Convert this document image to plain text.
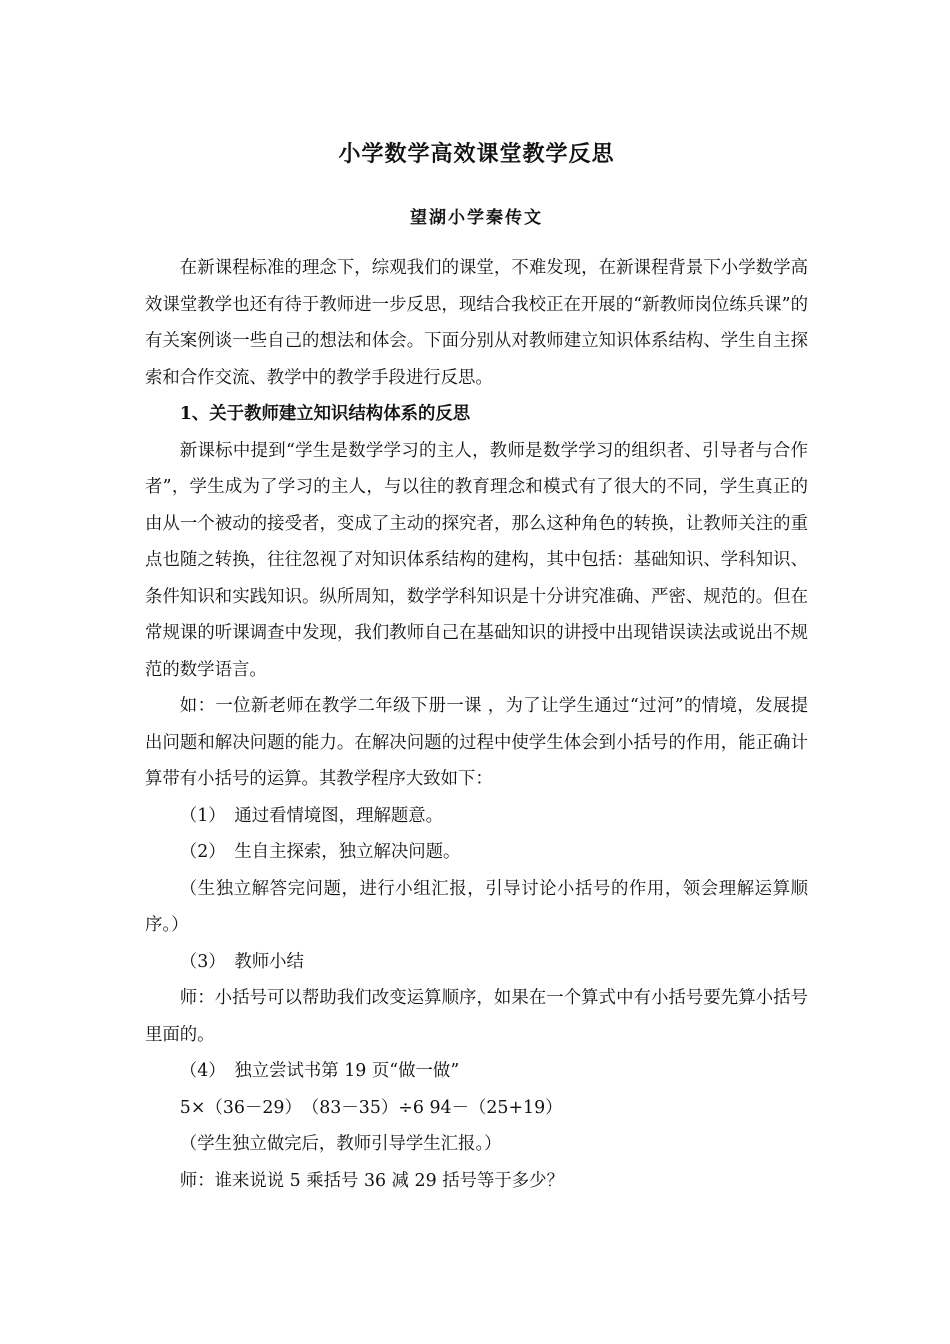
小学数学高效课堂教学反思
望湖小学秦传文

在新课程标准的理念下，综观我们的课堂，不难发现，在新课程背景下小学数学高效课堂教学也还有待于教师进一步反思，现结合我校正在开展的“新教师岗位练兵课”的有关案例谈一些自己的想法和体会。下面分别从对教师建立知识体系结构、学生自主探索和合作交流、教学中的教学手段进行反思。

1、关于教师建立知识结构体系的反思

新课标中提到“学生是数学学习的主人，教师是数学学习的组织者、引导者与合作者”，学生成为了学习的主人，与以往的教育理念和模式有了很大的不同，学生真正的由从一个被动的接受者，变成了主动的探究者，那么这种角色的转换，让教师关注的重点也随之转换，往往忽视了对知识体系结构的建构，其中包括：基础知识、学科知识、条件知识和实践知识。纵所周知，数学学科知识是十分讲究准确、严密、规范的。但在常规课的听课调查中发现，我们教师自己在基础知识的讲授中出现错误读法或说出不规范的数学语言。

如：一位新老师在教学二年级下册一课 ，为了让学生通过“过河”的情境，发展提出问题和解决问题的能力。在解决问题的过程中使学生体会到小括号的作用，能正确计算带有小括号的运算。其教学程序大致如下：

（1）　通过看情境图，理解题意。

（2）　生自主探索，独立解决问题。

（生独立解答完问题，进行小组汇报，引导讨论小括号的作用，领会理解运算顺序。）

（3）　教师小结

师：小括号可以帮助我们改变运算顺序，如果在一个算式中有小括号要先算小括号里面的。

（4）　独立尝试书第 19 页“做一做”

5×（36－29）　（83－35）÷6 94－（25+19）

（学生独立做完后，教师引导学生汇报。）

师：谁来说说 5 乘括号 36 减 29 括号等于多少？
